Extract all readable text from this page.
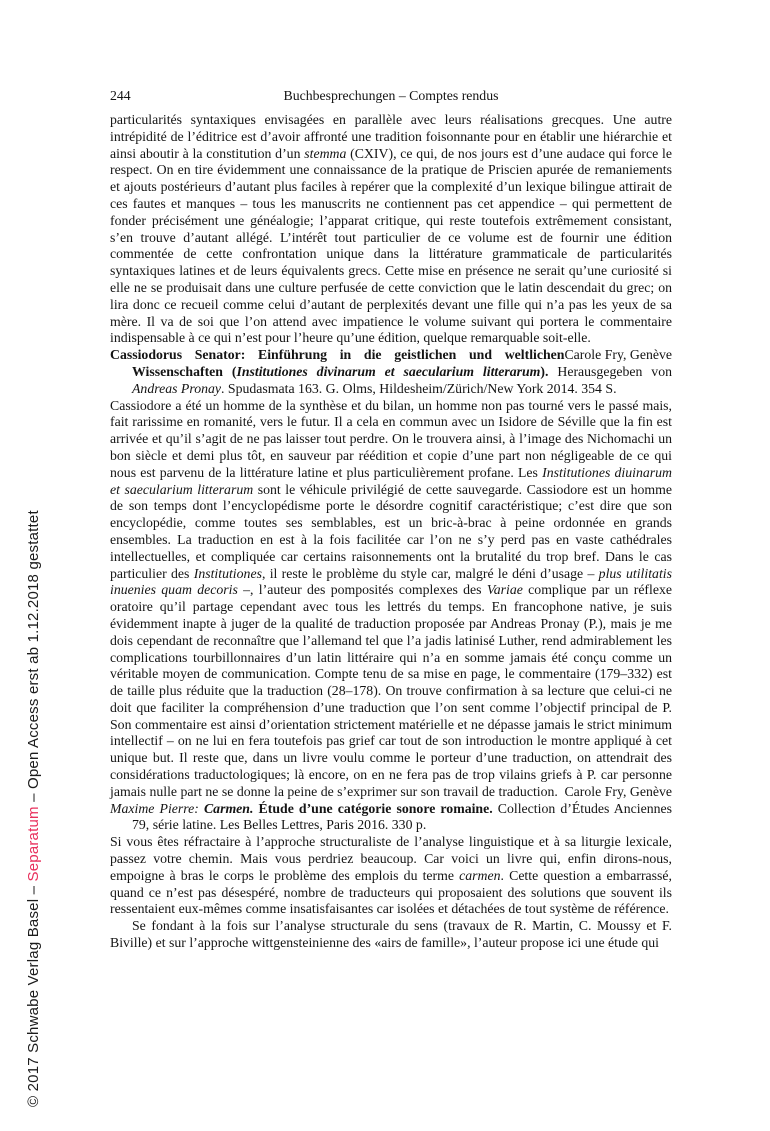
© 2017 Schwabe Verlag Basel – Separatum – Open Access erst ab 1.12.2018 gestattet
244	Buchbesprechungen – Comptes rendus

particularités syntaxiques envisagées en parallèle avec leurs réalisations grecques. Une autre intrépidité de l’éditrice est d’avoir affronté une tradition foisonnante pour en établir une hiérarchie et ainsi aboutir à la constitution d’un stemma (CXIV), ce qui, de nos jours est d’une audace qui force le respect. On en tire évidemment une connaissance de la pratique de Priscien apurée de remaniements et ajouts postérieurs d’autant plus faciles à repérer que la complexité d’un lexique bilingue attirait de ces fautes et manques – tous les manuscrits ne contiennent pas cet appendice – qui permettent de fonder précisément une généalogie; l’apparat critique, qui reste toutefois extrêmement consistant, s’en trouve d’autant allégé. L’intérêt tout particulier de ce volume est de fournir une édition commentée de cette confrontation unique dans la littérature grammaticale de particularités syntaxiques latines et de leurs équivalents grecs. Cette mise en présence ne serait qu’une curiosité si elle ne se produisait dans une culture perfusée de cette conviction que le latin descendait du grec; on lira donc ce recueil comme celui d’autant de perplexités devant une fille qui n’a pas les yeux de sa mère. Il va de soi que l’on attend avec impatience le volume suivant qui portera le commentaire indispensable à ce qui n’est pour l’heure qu’une édition, quelque remarquable soit-elle.
Carole Fry, Genève

Cassiodorus Senator: Einführung in die geistlichen und weltlichen Wissenschaften (Institutiones divinarum et saecularium litterarum). Herausgegeben von Andreas Pronay. Spudasmata 163. G. Olms, Hildesheim/Zürich/New York 2014. 354 S.

Cassiodore a été un homme de la synthèse et du bilan, un homme non pas tourné vers le passé mais, fait rarissime en romanité, vers le futur. Il a cela en commun avec un Isidore de Séville que la fin est arrivée et qu’il s’agit de ne pas laisser tout perdre. On le trouvera ainsi, à l’image des Nichomachi un bon siècle et demi plus tôt, en sauveur par réédition et copie d’une part non négligeable de ce qui nous est parvenu de la littérature latine et plus particulièrement profane. Les Institutiones diuinarum et saecularium litterarum sont le véhicule privilégié de cette sauvegarde. Cassiodore est un homme de son temps dont l’encyclopédisme porte le désordre cognitif caractéristique; c’est dire que son encyclopédie, comme toutes ses semblables, est un bric-à-brac à peine ordonnée en grands ensembles. La traduction en est à la fois facilitée car l’on ne s’y perd pas en vaste cathédrales intellectuelles, et compliquée car certains raisonnements ont la brutalité du trop bref. Dans le cas particulier des Institutiones, il reste le problème du style car, malgré le déni d’usage – plus utilitatis inuenies quam decoris –, l’auteur des pomposités complexes des Variae complique par un réflexe oratoire qu’il partage cependant avec tous les lettrés du temps. En francophone native, je suis évidemment inapte à juger de la qualité de traduction proposée par Andreas Pronay (P.), mais je me dois cependant de reconnaître que l’allemand tel que l’a jadis latinisé Luther, rend admirablement les complications tourbillonnaires d’un latin littéraire qui n’a en somme jamais été conçu comme un véritable moyen de communication. Compte tenu de sa mise en page, le commentaire (179–332) est de taille plus réduite que la traduction (28–178). On trouve confirmation à sa lecture que celui-ci ne doit que faciliter la compréhension d’une traduction que l’on sent comme l’objectif principal de P. Son commentaire est ainsi d’orientation strictement matérielle et ne dépasse jamais le strict minimum intellectif – on ne lui en fera toutefois pas grief car tout de son introduction le montre appliqué à cet unique but. Il reste que, dans un livre voulu comme le porteur d’une traduction, on attendrait des considérations traductologiques; là encore, on en ne fera pas de trop vilains griefs à P. car personne jamais nulle part ne se donne la peine de s’exprimer sur son travail de traduction. Carole Fry, Genève

Maxime Pierre: Carmen. Étude d’une catégorie sonore romaine. Collection d’Études Anciennes 79, série latine. Les Belles Lettres, Paris 2016. 330 p.

Si vous êtes réfractaire à l’approche structuraliste de l’analyse linguistique et à sa liturgie lexicale, passez votre chemin. Mais vous perdriez beaucoup. Car voici un livre qui, enfin dirons-nous, empoigne à bras le corps le problème des emplois du terme carmen. Cette question a embarrassé, quand ce n’est pas désespéré, nombre de traducteurs qui proposaient des solutions que souvent ils ressentaient eux-mêmes comme insatisfaisantes car isolées et détachées de tout système de référence.

Se fondant à la fois sur l’analyse structurale du sens (travaux de R. Martin, C. Moussy et F. Biville) et sur l’approche wittgensteinienne des «airs de famille», l’auteur propose ici une étude qui
